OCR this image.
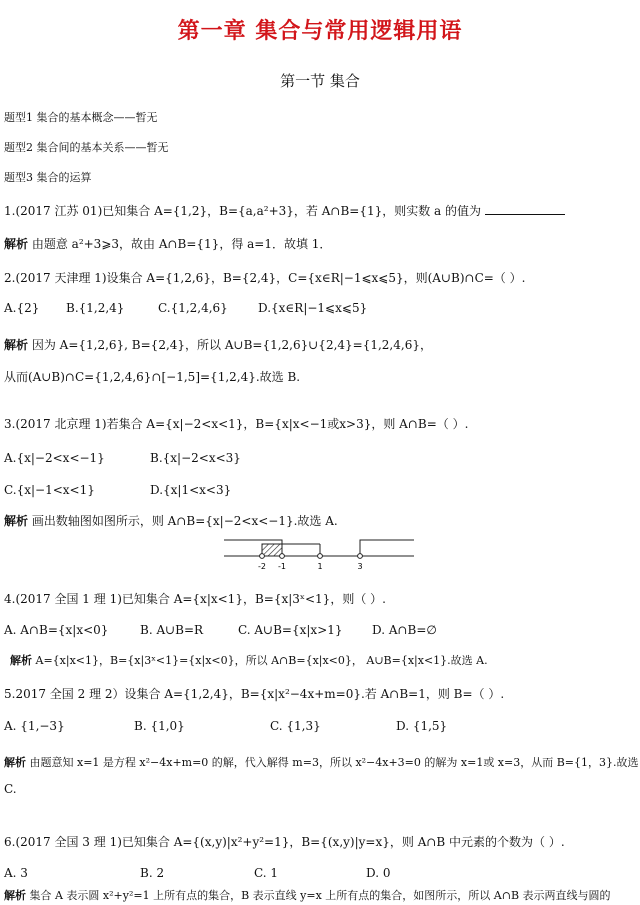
第一章 集合与常用逻辑用语
第一节 集合
题型1 集合的基本概念——暂无
题型2 集合间的基本关系——暂无
题型3 集合的运算
1.(2017 江苏 01)已知集合 A={1,2}，B={a,a²+3}，若 A∩B={1}，则实数 a 的值为
解析 由题意 a²+3⩾3，故由 A∩B={1}，得 a=1．故填 1．
2.(2017 天津理 1)设集合 A={1,2,6}，B={2,4}，C={x∈R|−1⩽x⩽5}，则(A∪B)∩C=（ ）.
A.{2} B.{1,2,4}	C.{1,2,4,6}	D.{x∈R|−1⩽x⩽5}
解析 因为 A={1,2,6}, B={2,4}，所以 A∪B={1,2,6}∪{2,4}={1,2,4,6}，
从而(A∪B)∩C={1,2,4,6}∩[−1,5]={1,2,4}.故选 B.
3.(2017 北京理 1)若集合 A={x|−2<x<1}，B={x|x<−1或x>3}，则 A∩B=（ ）.
A.{x|−2<x<−1}	B.{x|−2<x<3}
C.{x|−1<x<1}	D.{x|1<x<3}
解析 画出数轴图如图所示，则 A∩B={x|−2<x<−1}.故选 A.
-2 -1	1	3
4.(2017 全国 1 理 1)已知集合 A={x|x<1}，B={x|3ˣ<1}，则（ ）.
A. A∩B={x|x<0}	B. A∪B=R	C. A∪B={x|x>1} D. A∩B=∅
解析 A={x|x<1}，B={x|3ˣ<1}={x|x<0}，所以 A∩B={x|x<0}， A∪B={x|x<1}.故选 A.
5.2017 全国 2 理 2）设集合 A={1,2,4}，B={x|x²−4x+m=0}.若 A∩B=1，则 B=（ ）.
A. {1,−3}	B. {1,0}	C. {1,3}	D. {1,5}
解析 由题意知 x=1 是方程 x²−4x+m=0 的解，代入解得 m=3，所以 x²−4x+3=0 的解为 x=1或 x=3，从而 B={1，3}.故选
C.
6.(2017 全国 3 理 1)已知集合 A={(x,y)|x²+y²=1}，B={(x,y)|y=x}，则 A∩B 中元素的个数为（ ）.
A. 3	B. 2	C. 1	D. 0
解析 集合 A 表示圆 x²+y²=1 上所有点的集合，B 表示直线 y=x 上所有点的集合，如图所示，所以 A∩B 表示两直线与圆的
